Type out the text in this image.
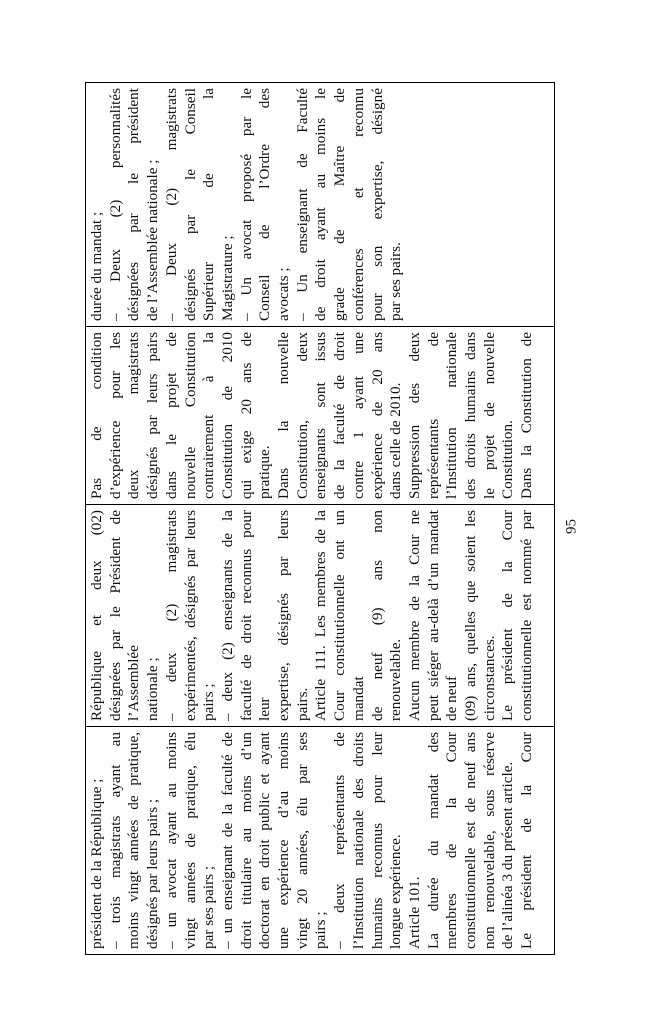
président de la République ; – trois magistrats ayant au moins vingt années de pratique, désignés par leurs pairs ; – un avocat ayant au moins vingt années de pratique, élu par ses pairs ; – un enseignant de la faculté de droit titulaire au moins d’un doctorat en droit public et ayant une expérience d’au moins vingt 20 années, élu par ses pairs ; – deux représentants de l’Institution nationale des droits humains reconnus pour leur longue expérience. Article 101. La durée du mandat des membres de la Cour constitutionnelle est de neuf ans non renouvelable, sous réserve de l’alinéa 3 du présent article. Le président de la Cour

République et deux (02) désignées par le Président de l’Assemblée nationale ; – deux (2) magistrats expérimentés, désignés par leurs pairs ; – deux (2) enseignants de la faculté de droit reconnus pour leur expertise, désignés par leurs pairs. Article 111. Les membres de la Cour constitutionnelle ont un mandat de neuf (9) ans non renouvelable. Aucun membre de la Cour ne peut siéger au-delà d’un mandat de neuf (09) ans, quelles que soient les circonstances. Le président de la Cour constitutionnelle est nommé par

Pas de condition d’expérience pour les deux magistrats désignés par leurs pairs dans le projet de nouvelle Constitution contrairement à la Constitution de 2010 qui exige 20 ans de pratique. Dans la nouvelle Constitution, deux enseignants sont issus de la faculté de droit contre 1 ayant une expérience de 20 ans dans celle de 2010. Suppression des deux représentants de l’Institution nationale des droits humains dans le projet de nouvelle Constitution. Dans la Constitution de

durée du mandat ; – Deux (2) personnalités désignées par le président de l’Assemblée nationale ; – Deux (2) magistrats désignés par le Conseil Supérieur de la Magistrature ; – Un avocat proposé par le Conseil de l’Ordre des avocats ; – Un enseignant de Faculté de droit ayant au moins le grade de Maître de conférences et reconnu pour son expertise, désigné par ses pairs.
95
